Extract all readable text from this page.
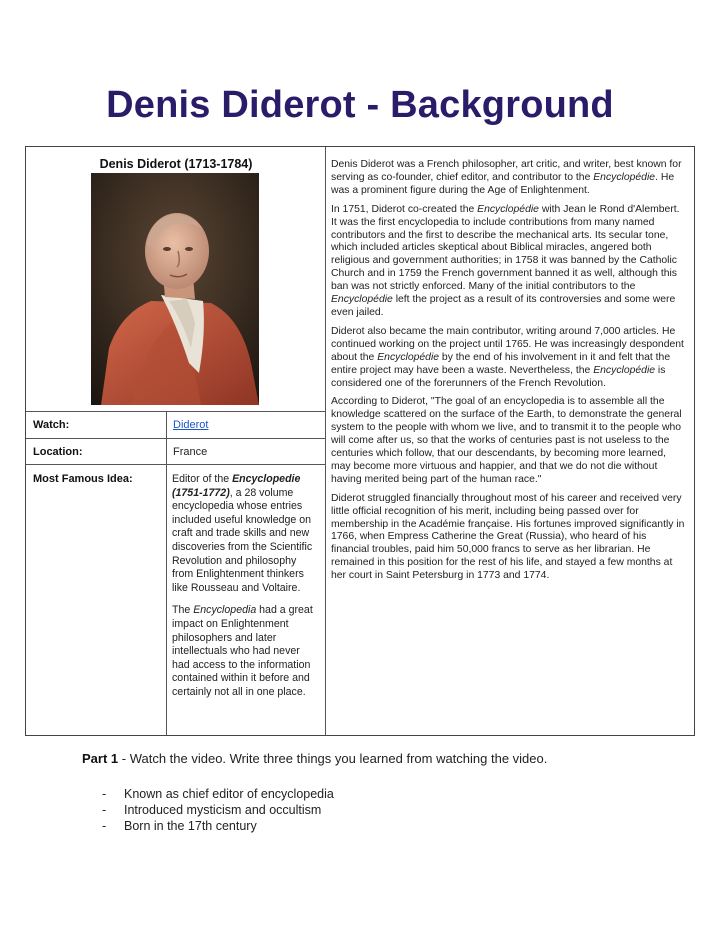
Denis Diderot - Background
Denis Diderot (1713-1784)
Watch:	Diderot
Location:	France
Most Famous Idea:	Editor of the Encyclopedie (1751-1772), a 28 volume encyclopedia whose entries included useful knowledge on craft and trade skills and new discoveries from the Scientific Revolution and philosophy from Enlightenment thinkers like Rousseau and Voltaire.

The Encyclopedia had a great impact on Enlightenment philosophers and later intellectuals who had never had access to the information contained within it before and certainly not all in one place.

Denis Diderot was a French philosopher, art critic, and writer, best known for serving as co-founder, chief editor, and contributor to the Encyclopédie. He was a prominent figure during the Age of Enlightenment.

In 1751, Diderot co-created the Encyclopédie with Jean le Rond d'Alembert. It was the first encyclopedia to include contributions from many named contributors and the first to describe the mechanical arts. Its secular tone, which included articles skeptical about Biblical miracles, angered both religious and government authorities; in 1758 it was banned by the Catholic Church and in 1759 the French government banned it as well, although this ban was not strictly enforced. Many of the initial contributors to the Encyclopédie left the project as a result of its controversies and some were even jailed.

Diderot also became the main contributor, writing around 7,000 articles. He continued working on the project until 1765. He was increasingly despondent about the Encyclopédie by the end of his involvement in it and felt that the entire project may have been a waste. Nevertheless, the Encyclopédie is considered one of the forerunners of the French Revolution.

According to Diderot, "The goal of an encyclopedia is to assemble all the knowledge scattered on the surface of the Earth, to demonstrate the general system to the people with whom we live, and to transmit it to the people who will come after us, so that the works of centuries past is not useless to the centuries which follow, that our descendants, by becoming more learned, may become more virtuous and happier, and that we do not die without having merited being part of the human race."

Diderot struggled financially throughout most of his career and received very little official recognition of his merit, including being passed over for membership in the Académie française. His fortunes improved significantly in 1766, when Empress Catherine the Great (Russia), who heard of his financial troubles, paid him 50,000 francs to serve as her librarian. He remained in this position for the rest of his life, and stayed a few months at her court in Saint Petersburg in 1773 and 1774.

Part 1 - Watch the video. Write three things you learned from watching the video.
- Known as chief editor of encyclopedia
- Introduced mysticism and occultism
- Born in the 17th century
